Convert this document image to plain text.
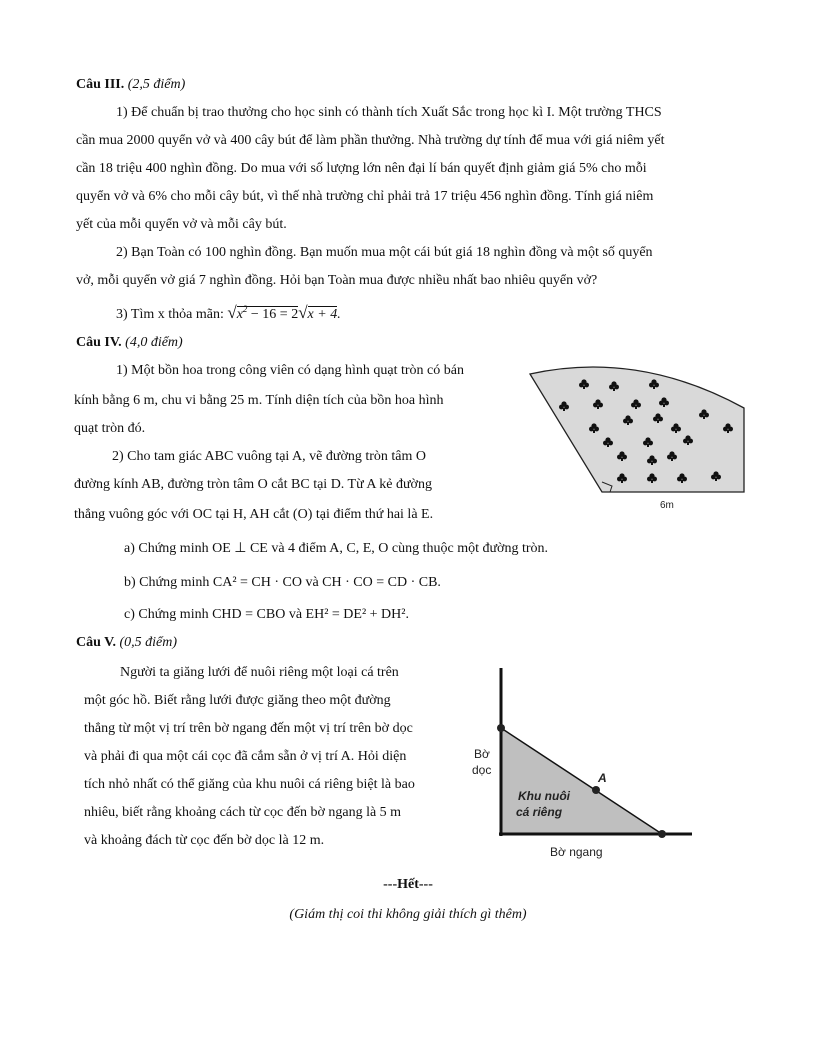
Câu III. (2,5 điểm)
1) Để chuẩn bị trao thưởng cho học sinh có thành tích Xuất Sắc trong học kì I. Một trường THCS
cần mua 2000 quyển vở và 400 cây bút để làm phần thưởng. Nhà trường dự tính để mua với giá niêm yết
cần 18 triệu 400 nghìn đồng. Do mua với số lượng lớn nên đại lí bán quyết định giảm giá 5% cho mỗi
quyển vở và 6% cho mỗi cây bút, vì thế nhà trường chỉ phải trả 17 triệu 456 nghìn đồng. Tính giá niêm
yết của mỗi quyển vở và mỗi cây bút.
2) Bạn Toàn có 100 nghìn đồng. Bạn muốn mua một cái bút giá 18 nghìn đồng và một số quyển
vở, mỗi quyển vở giá 7 nghìn đồng. Hỏi bạn Toàn mua được nhiều nhất bao nhiêu quyển vở?
3) Tìm x thỏa mãn: $√x^2 - 16 = 2√x + 4$.
Câu IV. (4,0 điểm)
1) Một bồn hoa trong công viên có dạng hình quạt tròn có bán
kính bằng 6 m, chu vi bằng 25 m. Tính diện tích của bồn hoa hình
quạt tròn đó.
2) Cho tam giác ABC vuông tại A, vẽ đường tròn tâm O
đường kính AB, đường tròn tâm O cắt BC tại D. Từ A kẻ đường
thẳng vuông góc với OC tại H, AH cắt (O) tại điểm thứ hai là E.
a) Chứng minh OE ⊥ CE và 4 điểm A, C, E, O cùng thuộc một đường tròn.
b) Chứng minh CA² = CH · CO và CH · CO = CD · CB.
c) Chứng minh CHD = CBO và EH² = DE² + DH².
6m
Câu V. (0,5 điểm)
Người ta giăng lưới để nuôi riêng một loại cá trên
một góc hồ. Biết rằng lưới được giăng theo một đường
thẳng từ một vị trí trên bờ ngang đến một vị trí trên bờ dọc
và phải đi qua một cái cọc đã cắm sẵn ở vị trí A. Hỏi diện
tích nhỏ nhất có thể giăng của khu nuôi cá riêng biệt là bao
nhiêu, biết rằng khoảng cách từ cọc đến bờ ngang là 5 m
và khoảng đách từ cọc đến bờ dọc là 12 m.
Bờ
dọc
A
Khu nuôi
cá riêng
Bờ ngang
---Hết---
(Giám thị coi thi không giải thích gì thêm)
